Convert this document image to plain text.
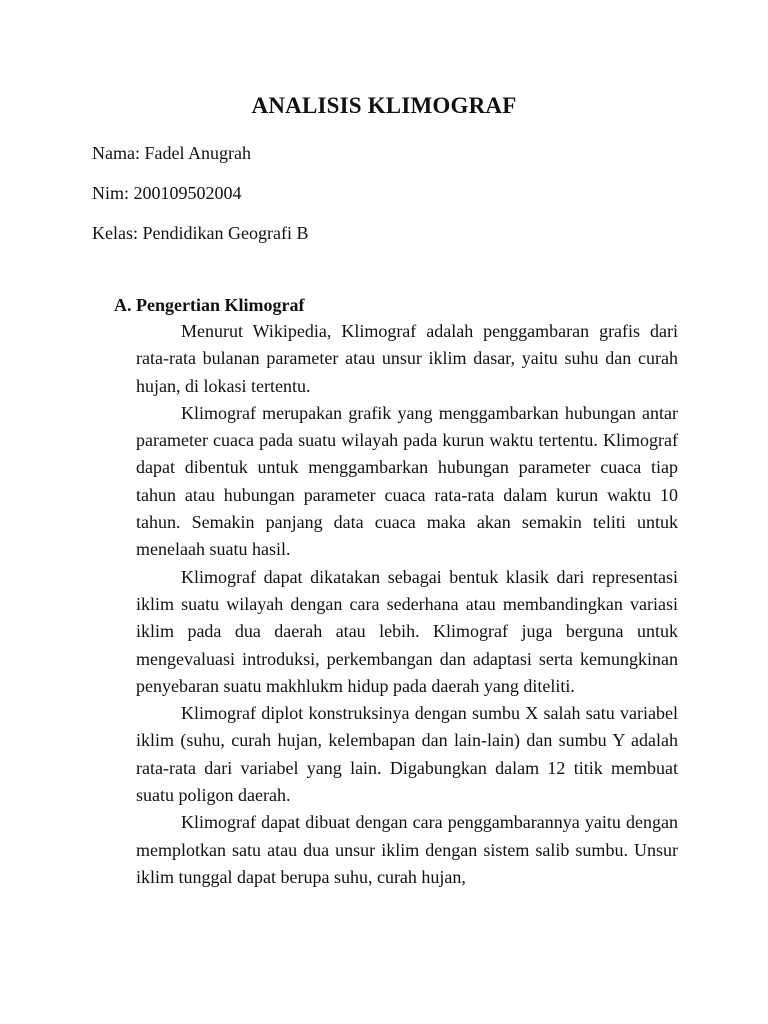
ANALISIS KLIMOGRAF
Nama: Fadel Anugrah
Nim: 200109502004
Kelas: Pendidikan Geografi B
A. Pengertian Klimograf

Menurut Wikipedia, Klimograf adalah penggambaran grafis dari rata-rata bulanan parameter atau unsur iklim dasar, yaitu suhu dan curah hujan, di lokasi tertentu.

Klimograf merupakan grafik yang menggambarkan hubungan antar parameter cuaca pada suatu wilayah pada kurun waktu tertentu. Klimograf dapat dibentuk untuk menggambarkan hubungan parameter cuaca tiap tahun atau hubungan parameter cuaca rata-rata dalam kurun waktu 10 tahun. Semakin panjang data cuaca maka akan semakin teliti untuk menelaah suatu hasil.

Klimograf dapat dikatakan sebagai bentuk klasik dari representasi iklim suatu wilayah dengan cara sederhana atau membandingkan variasi iklim pada dua daerah atau lebih. Klimograf juga berguna untuk mengevaluasi introduksi, perkembangan dan adaptasi serta kemungkinan penyebaran suatu makhlukm hidup pada daerah yang diteliti.

Klimograf diplot konstruksinya dengan sumbu X salah satu variabel iklim (suhu, curah hujan, kelembapan dan lain-lain) dan sumbu Y adalah rata-rata dari variabel yang lain. Digabungkan dalam 12 titik membuat suatu poligon daerah.

Klimograf dapat dibuat dengan cara penggambarannya yaitu dengan memplotkan satu atau dua unsur iklim dengan sistem salib sumbu. Unsur iklim tunggal dapat berupa suhu, curah hujan,
